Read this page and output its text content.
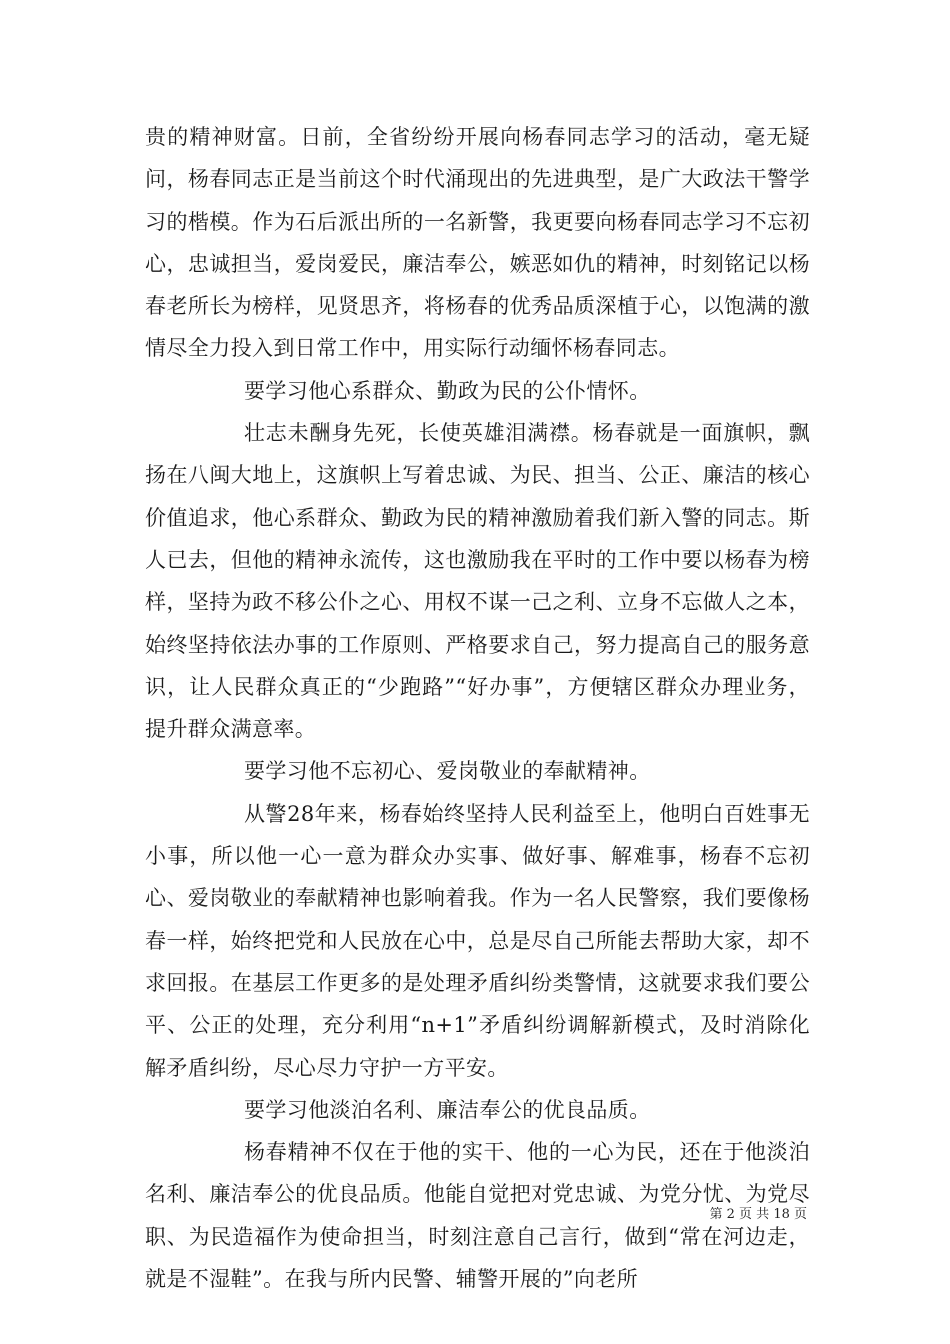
贵的精神财富。日前，全省纷纷开展向杨春同志学习的活动，毫无疑问，杨春同志正是当前这个时代涌现出的先进典型，是广大政法干警学习的楷模。作为石后派出所的一名新警，我更要向杨春同志学习不忘初心，忠诚担当，爱岗爱民，廉洁奉公，嫉恶如仇的精神，时刻铭记以杨春老所长为榜样，见贤思齐，将杨春的优秀品质深植于心，以饱满的激情尽全力投入到日常工作中，用实际行动缅怀杨春同志。

要学习他心系群众、勤政为民的公仆情怀。

壮志未酬身先死，长使英雄泪满襟。杨春就是一面旗帜，飘扬在八闽大地上，这旗帜上写着忠诚、为民、担当、公正、廉洁的核心价值追求，他心系群众、勤政为民的精神激励着我们新入警的同志。斯人已去，但他的精神永流传，这也激励我在平时的工作中要以杨春为榜样，坚持为政不移公仆之心、用权不谋一己之利、立身不忘做人之本，始终坚持依法办事的工作原则、严格要求自己，努力提高自己的服务意识，让人民群众真正的“少跑路”“好办事”，方便辖区群众办理业务，提升群众满意率。

要学习他不忘初心、爱岗敬业的奉献精神。

从警28年来，杨春始终坚持人民利益至上，他明白百姓事无小事，所以他一心一意为群众办实事、做好事、解难事，杨春不忘初心、爱岗敬业的奉献精神也影响着我。作为一名人民警察，我们要像杨春一样，始终把党和人民放在心中，总是尽自己所能去帮助大家，却不求回报。在基层工作更多的是处理矛盾纠纷类警情，这就要求我们要公平、公正的处理，充分利用“n+1”矛盾纠纷调解新模式，及时消除化解矛盾纠纷，尽心尽力守护一方平安。

要学习他淡泊名利、廉洁奉公的优良品质。

杨春精神不仅在于他的实干、他的一心为民，还在于他淡泊名利、廉洁奉公的优良品质。他能自觉把对党忠诚、为党分忧、为党尽职、为民造福作为使命担当，时刻注意自己言行，做到“常在河边走，就是不湿鞋”。在我与所内民警、辅警开展的”向老所

第 2 页 共 18 页
